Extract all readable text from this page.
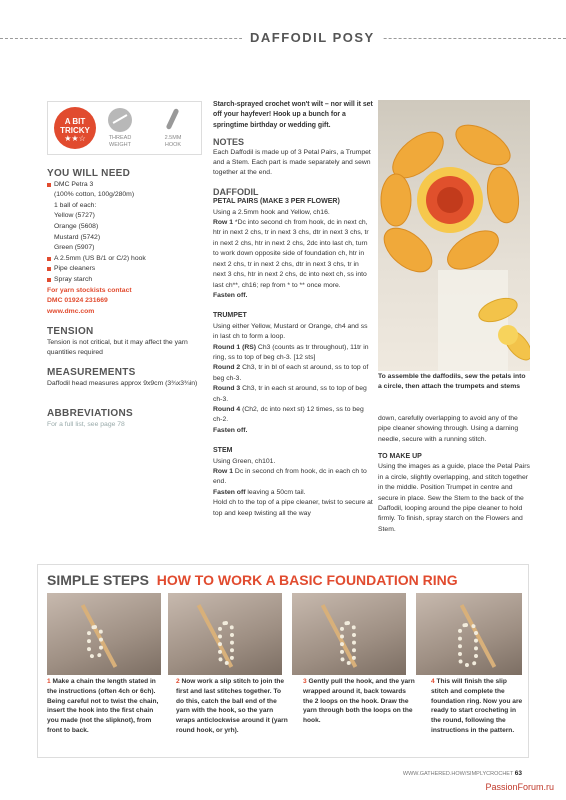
DAFFODIL POSY
A BIT
TRICKY
★★☆	THREAD
WEIGHT
2.5MM
HOOK
YOU WILL NEED
DMC Petra 3
(100% cotton, 100g/280m)
1 ball of each:
Yellow (5727)
Orange (5608)
Mustard (5742)
Green (5907)
A 2.5mm (US B/1 or C/2) hook
Pipe cleaners
Spray starch
For yarn stockists contact
DMC 01924 231669
www.dmc.com
TENSION
Tension is not critical, but it may affect the yarn quantities required
MEASUREMENTS
Daffodil head measures approx 9x9cm (3¾x3¾in)
ABBREVIATIONS
For a full list, see page 78
Starch-sprayed crochet won't wilt – nor will it set off your hayfever! Hook up a bunch for a springtime birthday or wedding gift.
NOTES
Each Daffodil is made up of 3 Petal Pairs, a Trumpet and a Stem. Each part is made separately and sewn together at the end.
DAFFODIL
PETAL PAIRS (MAKE 3 PER FLOWER)
Using a 2.5mm hook and Yellow, ch16.
Row 1 *Dc into second ch from hook, dc in next ch, htr in next 2 chs, tr in next 3 chs, dtr in next 3 chs, tr in next 2 chs, htr in next 2 chs, 2dc into last ch, turn to work down opposite side of foundation ch, htr in next 2 chs, tr in next 2 chs, dtr in next 3 chs, tr in next 3 chs, htr in next 2 chs, dc into next ch, ss into last ch**, ch16; rep from * to ** once more.
Fasten off.
TRUMPET
Using either Yellow, Mustard or Orange, ch4 and ss in last ch to form a loop.
Round 1 (RS) Ch3 (counts as tr throughout), 11tr in ring, ss to top of beg ch-3. [12 sts]
Round 2 Ch3, tr in bl of each st around, ss to top of beg ch-3.
Round 3 Ch3, tr in each st around, ss to top of beg ch-3.
Round 4 (Ch2, dc into next st) 12 times, ss to beg ch-2.
Fasten off.
STEM
Using Green, ch101.
Row 1 Dc in second ch from hook, dc in each ch to end.
Fasten off leaving a 50cm tail.
Hold ch to the top of a pipe cleaner, twist to secure at top and keep twisting all the way
To assemble the daffodils, sew the petals into a circle, then attach the trumpets and stems
down, carefully overlapping to avoid any of the pipe cleaner showing through. Using a darning needle, secure with a running stitch.
TO MAKE UP
Using the images as a guide, place the Petal Pairs in a circle, slightly overlapping, and stitch together in the middle. Position Trumpet in centre and secure in place. Sew the Stem to the back of the Daffodil, looping around the pipe cleaner to hold firmly. To finish, spray starch on the Flowers and Stem.
SIMPLE STEPS HOW TO WORK A BASIC FOUNDATION RING
1 Make a chain the length stated in the instructions (often 4ch or 6ch). Being careful not to twist the chain, insert the hook into the first chain you made (not the slipknot), from front to back.
2 Now work a slip stitch to join the first and last stitches together. To do this, catch the ball end of the yarn with the hook, so the yarn wraps anticlockwise around it (yarn round hook, or yrh).
3 Gently pull the hook, and the yarn wrapped around it, back towards the 2 loops on the hook. Draw the yarn through both the loops on the hook.
4 This will finish the slip stitch and complete the foundation ring. Now you are ready to start crocheting in the round, following the instructions in the pattern.
WWW.GATHERED.HOW/SIMPLYCROCHET 63
PassionForum.ru
